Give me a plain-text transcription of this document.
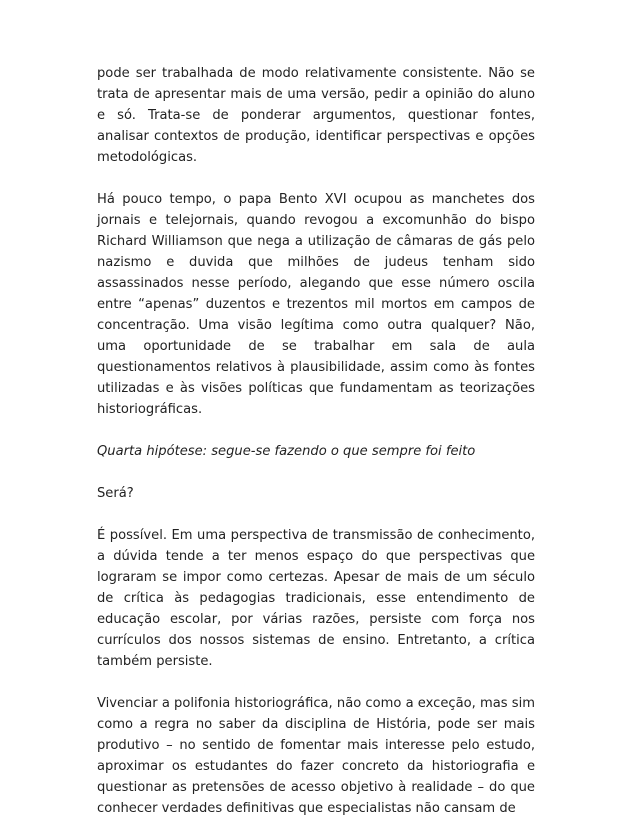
pode ser trabalhada de modo relativamente consistente. Não se trata de apresentar mais de uma versão, pedir a opinião do aluno e só. Trata-se de ponderar argumentos, questionar fontes, analisar contextos de produção, identificar perspectivas e opções metodológicas.

Há pouco tempo, o papa Bento XVI ocupou as manchetes dos jornais e telejornais, quando revogou a excomunhão do bispo Richard Williamson que nega a utilização de câmaras de gás pelo nazismo e duvida que milhões de judeus tenham sido assassinados nesse período, alegando que esse número oscila entre “apenas” duzentos e trezentos mil mortos em campos de concentração. Uma visão legítima como outra qualquer? Não, uma oportunidade de se trabalhar em sala de aula questionamentos relativos à plausibilidade, assim como às fontes utilizadas e às visões políticas que fundamentam as teorizações historiográficas.

Quarta hipótese: segue-se fazendo o que sempre foi feito

Será?

É possível. Em uma perspectiva de transmissão de conhecimento, a dúvida tende a ter menos espaço do que perspectivas que lograram se impor como certezas. Apesar de mais de um século de crítica às pedagogias tradicionais, esse entendimento de educação escolar, por várias razões, persiste com força nos currículos dos nossos sistemas de ensino. Entretanto, a crítica também persiste.

Vivenciar a polifonia historiográfica, não como a exceção, mas sim como a regra no saber da disciplina de História, pode ser mais produtivo – no sentido de fomentar mais interesse pelo estudo, aproximar os estudantes do fazer concreto da historiografia e questionar as pretensões de acesso objetivo à realidade – do que conhecer verdades definitivas que especialistas não cansam de
